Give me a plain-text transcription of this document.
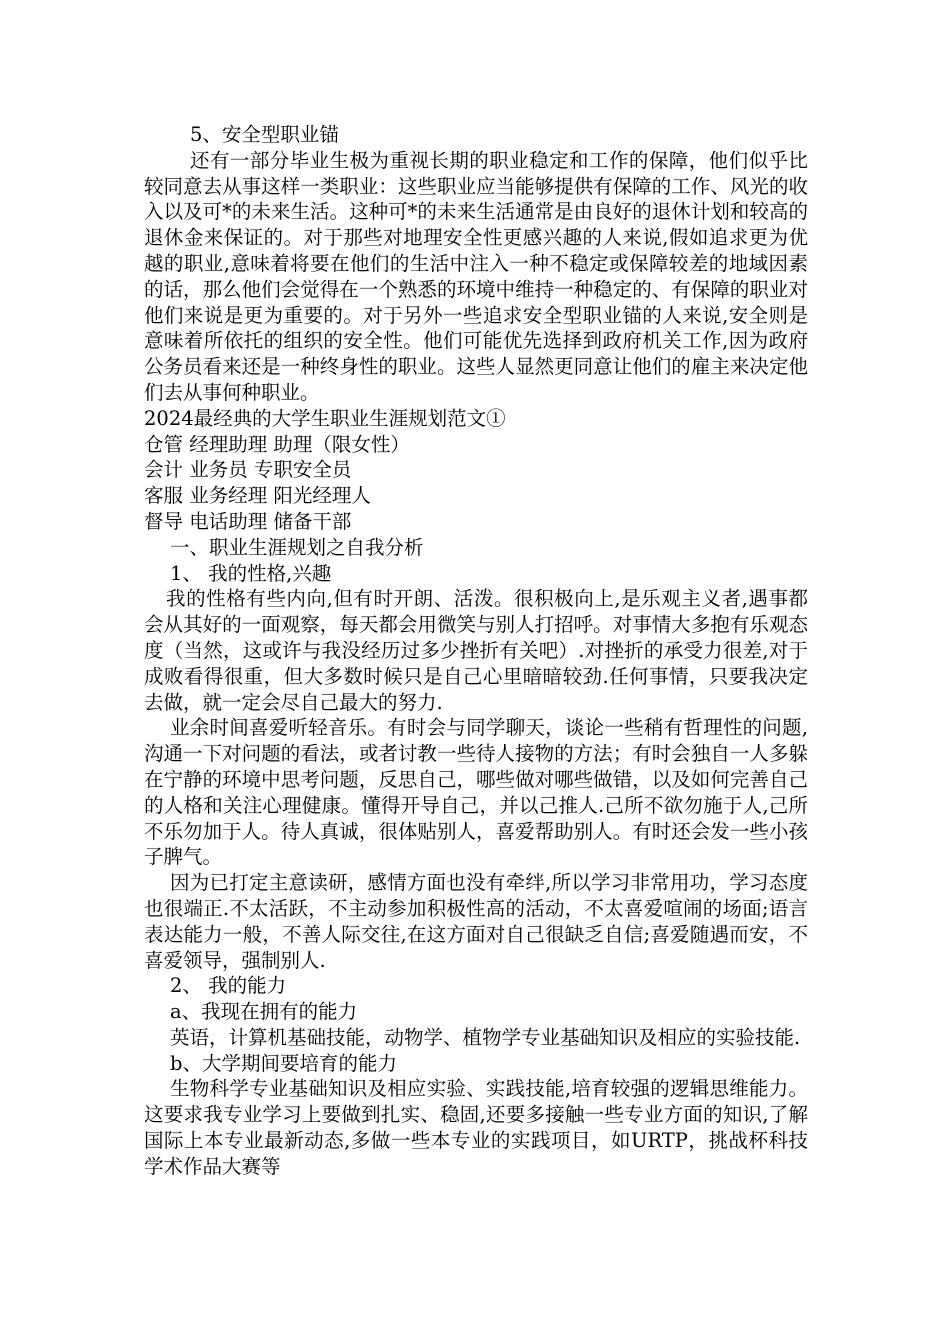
5、安全型职业锚

还有一部分毕业生极为重视长期的职业稳定和工作的保障，他们似乎比较同意去从事这样一类职业：这些职业应当能够提供有保障的工作、风光的收入以及可*的未来生活。这种可*的未来生活通常是由良好的退休计划和较高的退休金来保证的。对于那些对地理安全性更感兴趣的人来说,假如追求更为优越的职业,意味着将要在他们的生活中注入一种不稳定或保障较差的地域因素的话，那么他们会觉得在一个熟悉的环境中维持一种稳定的、有保障的职业对他们来说是更为重要的。对于另外一些追求安全型职业锚的人来说,安全则是意味着所依托的组织的安全性。他们可能优先选择到政府机关工作,因为政府公务员看来还是一种终身性的职业。这些人显然更同意让他们的雇主来决定他们去从事何种职业。

2024最经典的大学生职业生涯规划范文①

仓管 经理助理 助理（限女性）

会计 业务员 专职安全员

客服 业务经理 阳光经理人

督导 电话助理 储备干部

一、职业生涯规划之自我分析

1、 我的性格,兴趣

我的性格有些内向,但有时开朗、活泼。很积极向上,是乐观主义者,遇事都会从其好的一面观察，每天都会用微笑与别人打招呼。对事情大多抱有乐观态度（当然，这或许与我没经历过多少挫折有关吧）.对挫折的承受力很差,对于成败看得很重，但大多数时候只是自己心里暗暗较劲.任何事情，只要我决定去做，就一定会尽自己最大的努力.

业余时间喜爱听轻音乐。有时会与同学聊天，谈论一些稍有哲理性的问题,沟通一下对问题的看法，或者讨教一些待人接物的方法；有时会独自一人多躲在宁静的环境中思考问题，反思自己，哪些做对哪些做错，以及如何完善自己的人格和关注心理健康。懂得开导自己，并以己推人.己所不欲勿施于人,己所不乐勿加于人。待人真诚，很体贴别人，喜爱帮助别人。有时还会发一些小孩子脾气。

因为已打定主意读研，感情方面也没有牵绊,所以学习非常用功，学习态度也很端正.不太活跃，不主动参加积极性高的活动，不太喜爱喧闹的场面;语言表达能力一般，不善人际交往,在这方面对自己很缺乏自信;喜爱随遇而安，不喜爱领导，强制别人.

2、 我的能力

a、我现在拥有的能力

英语，计算机基础技能，动物学、植物学专业基础知识及相应的实验技能.

b、大学期间要培育的能力

生物科学专业基础知识及相应实验、实践技能,培育较强的逻辑思维能力。这要求我专业学习上要做到扎实、稳固,还要多接触一些专业方面的知识,了解国际上本专业最新动态,多做一些本专业的实践项目，如URTP，挑战杯科技学术作品大赛等
